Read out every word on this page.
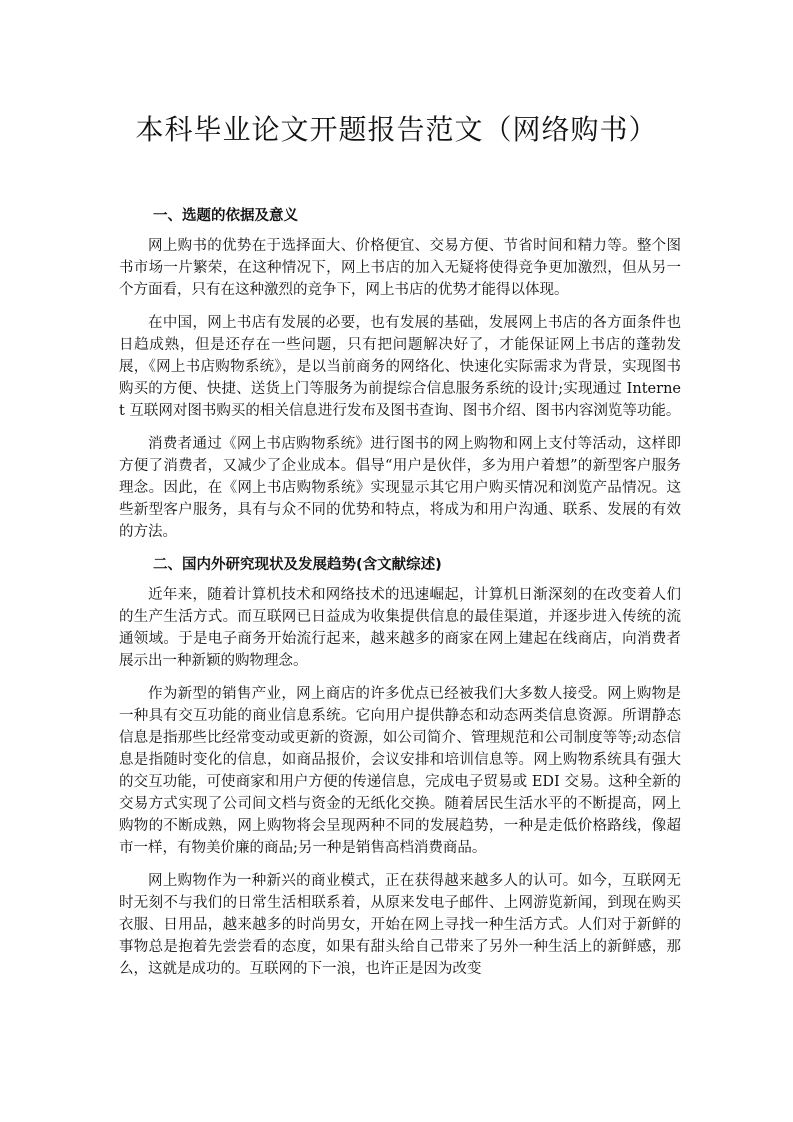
本科毕业论文开题报告范文（网络购书）

一、选题的依据及意义

网上购书的优势在于选择面大、价格便宜、交易方便、节省时间和精力等。整个图书市场一片繁荣，在这种情况下，网上书店的加入无疑将使得竞争更加激烈，但从另一个方面看，只有在这种激烈的竞争下，网上书店的优势才能得以体现。

在中国，网上书店有发展的必要，也有发展的基础，发展网上书店的各方面条件也日趋成熟，但是还存在一些问题，只有把问题解决好了，才能保证网上书店的蓬勃发展，《网上书店购物系统》，是以当前商务的网络化、快速化实际需求为背景，实现图书购买的方便、快捷、送货上门等服务为前提综合信息服务系统的设计;实现通过 Internet 互联网对图书购买的相关信息进行发布及图书查询、图书介绍、图书内容浏览等功能。

消费者通过《网上书店购物系统》进行图书的网上购物和网上支付等活动，这样即方便了消费者，又减少了企业成本。倡导“用户是伙伴，多为用户着想”的新型客户服务理念。因此，在《网上书店购物系统》实现显示其它用户购买情况和浏览产品情况。这些新型客户服务，具有与众不同的优势和特点，将成为和用户沟通、联系、发展的有效的方法。

二、国内外研究现状及发展趋势(含文献综述)

近年来，随着计算机技术和网络技术的迅速崛起，计算机日渐深刻的在改变着人们的生产生活方式。而互联网已日益成为收集提供信息的最佳渠道，并逐步进入传统的流通领域。于是电子商务开始流行起来，越来越多的商家在网上建起在线商店，向消费者展示出一种新颖的购物理念。

作为新型的销售产业，网上商店的许多优点已经被我们大多数人接受。网上购物是一种具有交互功能的商业信息系统。它向用户提供静态和动态两类信息资源。所谓静态信息是指那些比经常变动或更新的资源，如公司简介、管理规范和公司制度等等;动态信息是指随时变化的信息，如商品报价，会议安排和培训信息等。网上购物系统具有强大的交互功能，可使商家和用户方便的传递信息，完成电子贸易或 EDI 交易。这种全新的交易方式实现了公司间文档与资金的无纸化交换。随着居民生活水平的不断提高，网上购物的不断成熟，网上购物将会呈现两种不同的发展趋势，一种是走低价格路线，像超市一样，有物美价廉的商品;另一种是销售高档消费商品。

网上购物作为一种新兴的商业模式，正在获得越来越多人的认可。如今，互联网无时无刻不与我们的日常生活相联系着，从原来发电子邮件、上网游览新闻，到现在购买衣服、日用品，越来越多的时尚男女，开始在网上寻找一种生活方式。人们对于新鲜的事物总是抱着先尝尝看的态度，如果有甜头给自己带来了另外一种生活上的新鲜感，那么，这就是成功的。互联网的下一浪，也许正是因为改变
